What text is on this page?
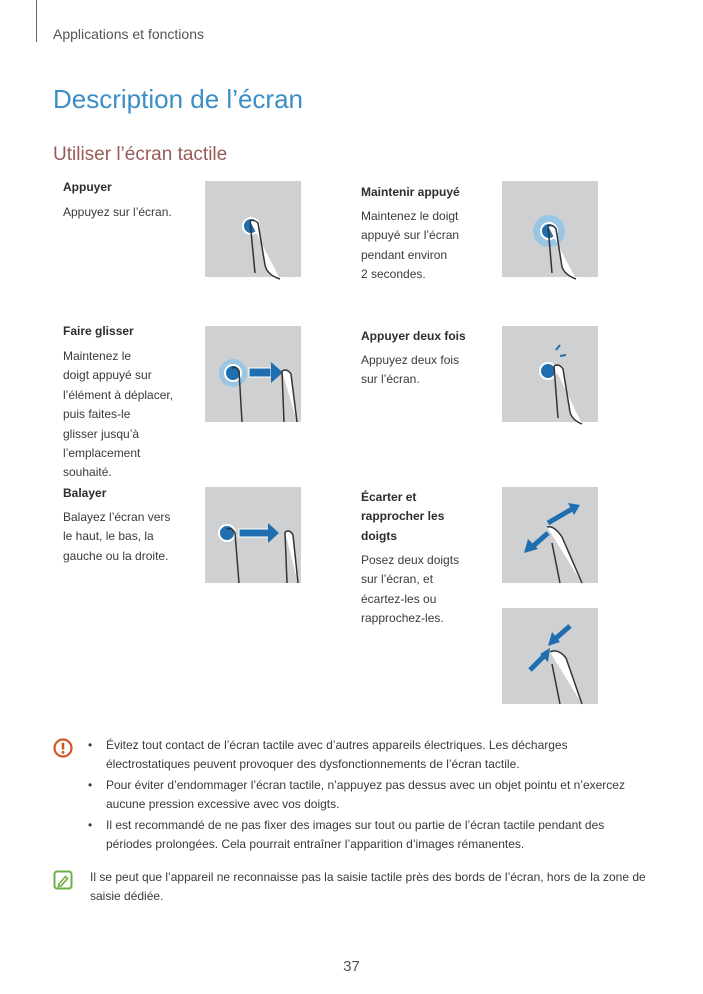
Applications et fonctions
Description de l’écran
Utiliser l’écran tactile
Appuyer
Appuyez sur l’écran.
Maintenir appuyé
Maintenez le doigt
appuyé sur l’écran
pendant environ
2 secondes.
Faire glisser
Maintenez le
doigt appuyé sur
l’élément à déplacer,
puis faites-le
glisser jusqu’à
l’emplacement
souhaité.
Appuyer deux fois
Appuyez deux fois
sur l’écran.
Balayer
Balayez l’écran vers
le haut, le bas, la
gauche ou la droite.
Écarter et
rapprocher les
doigts
Posez deux doigts
sur l’écran, et
écartez-les ou
rapprochez-les.
• Évitez tout contact de l’écran tactile avec d’autres appareils électriques. Les décharges
électrostatiques peuvent provoquer des dysfonctionnements de l’écran tactile.
• Pour éviter d’endommager l’écran tactile, n’appuyez pas dessus avec un objet pointu et n’exercez
aucune pression excessive avec vos doigts.
• Il est recommandé de ne pas fixer des images sur tout ou partie de l’écran tactile pendant des
périodes prolongées. Cela pourrait entraîner l’apparition d’images rémanentes.
Il se peut que l’appareil ne reconnaisse pas la saisie tactile près des bords de l’écran, hors de la zone de
saisie dédiée.
37
